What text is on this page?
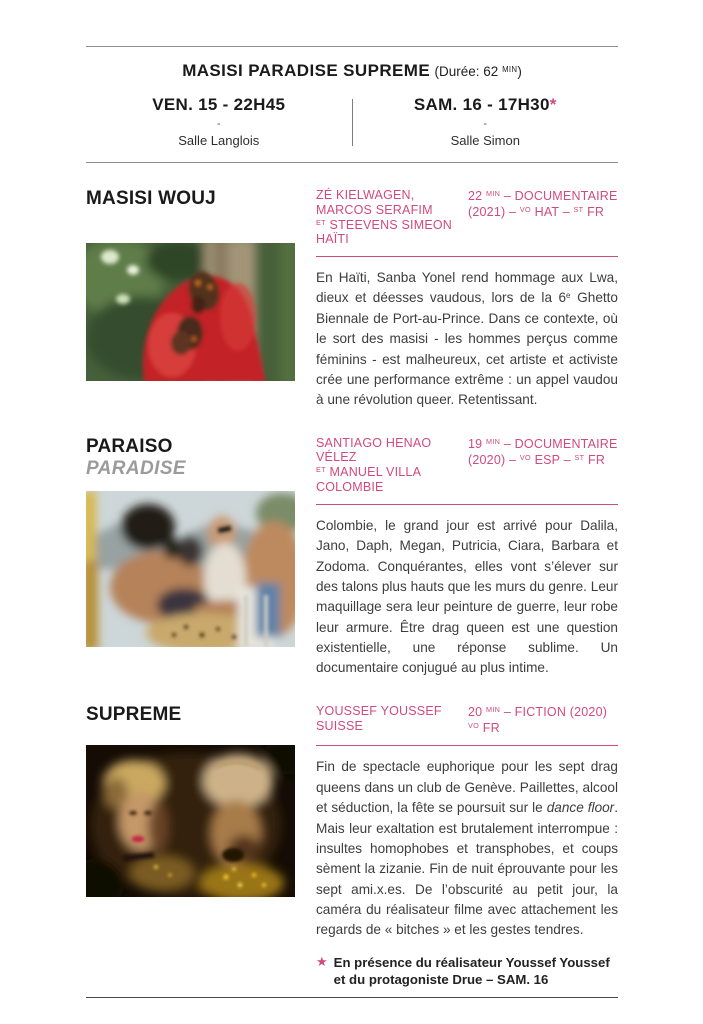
MASISI PARADISE SUPREME (Durée: 62 $^{MIN}$)
VEN. 15 - 22H45
-
Salle Langlois
SAM. 16 - 17H30*
-
Salle Simon
MASISI WOUJ	ZÉ KIELWAGEN,
MARCOS SERAFIM
$^{ET}$ STEEVENS SIMEON
HAÏTI
22 $^{MIN}$ – DOCUMENTAIRE
(2021) – $^{VO}$ HAT – $^{ST}$ FR

En Haïti, Sanba Yonel rend hommage aux Lwa, dieux et déesses vaudous, lors de la 6e Ghetto Biennale de Port-au-Prince. Dans ce contexte, où le sort des masisi - les hommes perçus comme féminins - est malheureux, cet artiste et activiste crée une performance extrême : un appel vaudou à une révolution queer. Retentissant.

PARAISO
PARADISE
SANTIAGO HENAO VÉLEZ
$^{ET}$ MANUEL VILLA
COLOMBIE
19 $^{MIN}$ – DOCUMENTAIRE
(2020) – $^{VO}$ ESP – $^{ST}$ FR

Colombie, le grand jour est arrivé pour Dalila, Jano, Daph, Megan, Putricia, Ciara, Barbara et Zodoma. Conquérantes, elles vont s’élever sur des talons plus hauts que les murs du genre. Leur maquillage sera leur peinture de guerre, leur robe leur armure. Être drag queen est une question existentielle, une réponse sublime. Un documentaire conjugué au plus intime.

SUPREME	YOUSSEF YOUSSEF
SUISSE
20 $^{MIN}$ – FICTION (2020)
$^{VO}$ FR

Fin de spectacle euphorique pour les sept drag queens dans un club de Genève. Paillettes, alcool et séduction, la fête se poursuit sur le dance floor. Mais leur exaltation est brutalement interrompue : insultes homophobes et transphobes, et coups sèment la zizanie. Fin de nuit éprouvante pour les sept ami.x.es. De l’obscurité au petit jour, la caméra du réalisateur filme avec attachement les regards de « bitches » et les gestes tendres.

★ En présence du réalisateur Youssef Youssef et du protagoniste Drue – SAM. 16
